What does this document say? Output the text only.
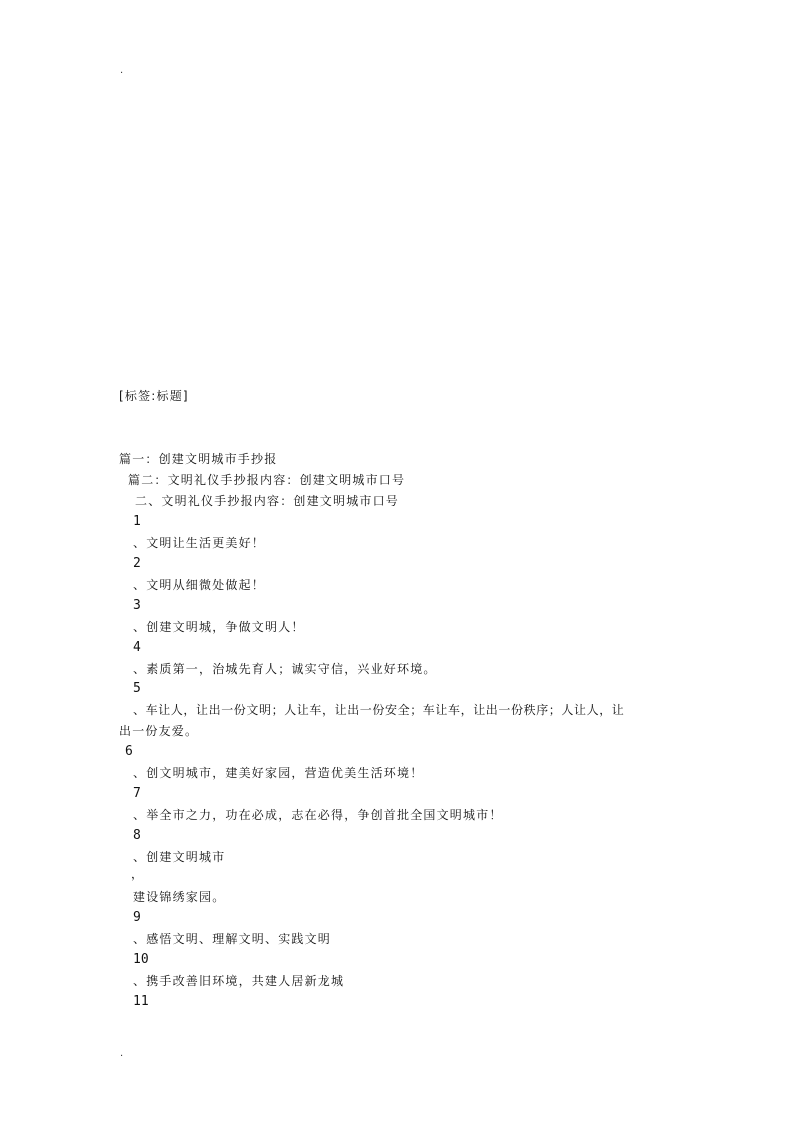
.
[标签:标题]
篇一：创建文明城市手抄报
篇二：文明礼仪手抄报内容：创建文明城市口号
二、文明礼仪手抄报内容：创建文明城市口号
1
、文明让生活更美好！
2
、文明从细微处做起！
3
、创建文明城，争做文明人！
4
、素质第一，治城先育人；诚实守信，兴业好环境。
5
、车让人，让出一份文明；人让车，让出一份安全；车让车，让出一份秩序；人让人，让
出一份友爱。
6
、创文明城市，建美好家园，营造优美生活环境！
7
、举全市之力，功在必成，志在必得，争创首批全国文明城市！
8
、创建文明城市
，
建设锦绣家园。
9
、感悟文明、理解文明、实践文明
10
、携手改善旧环境，共建人居新龙城
11
.
